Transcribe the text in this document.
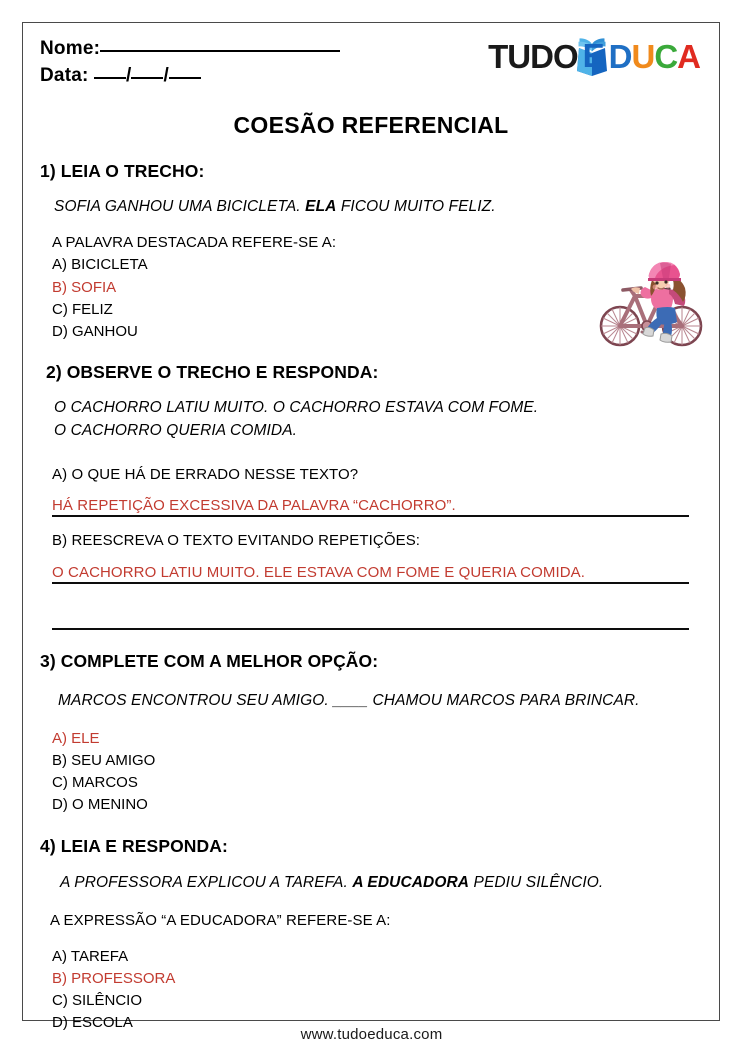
Nome:
Data: / /
TUDO E D U C A
COESÃO REFERENCIAL
1) LEIA O TRECHO:
SOFIA GANHOU UMA BICICLETA. ELA FICOU MUITO FELIZ.
A PALAVRA DESTACADA REFERE-SE A:
A) BICICLETA
B) SOFIA
C) FELIZ
D) GANHOU
2) OBSERVE O TRECHO E RESPONDA:
O CACHORRO LATIU MUITO. O CACHORRO ESTAVA COM FOME.
O CACHORRO QUERIA COMIDA.
A) O QUE HÁ DE ERRADO NESSE TEXTO?
HÁ REPETIÇÃO EXCESSIVA DA PALAVRA “CACHORRO”.
B) REESCREVA O TEXTO EVITANDO REPETIÇÕES:
O CACHORRO LATIU MUITO. ELE ESTAVA COM FOME E QUERIA COMIDA.
3) COMPLETE COM A MELHOR OPÇÃO:
MARCOS ENCONTROU SEU AMIGO. ____ CHAMOU MARCOS PARA BRINCAR.
A) ELE
B) SEU AMIGO
C) MARCOS
D) O MENINO
4) LEIA E RESPONDA:
A PROFESSORA EXPLICOU A TAREFA. A EDUCADORA PEDIU SILÊNCIO.
A EXPRESSÃO “A EDUCADORA” REFERE-SE A:
A) TAREFA
B) PROFESSORA
C) SILÊNCIO
D) ESCOLA
www.tudoeduca.com
